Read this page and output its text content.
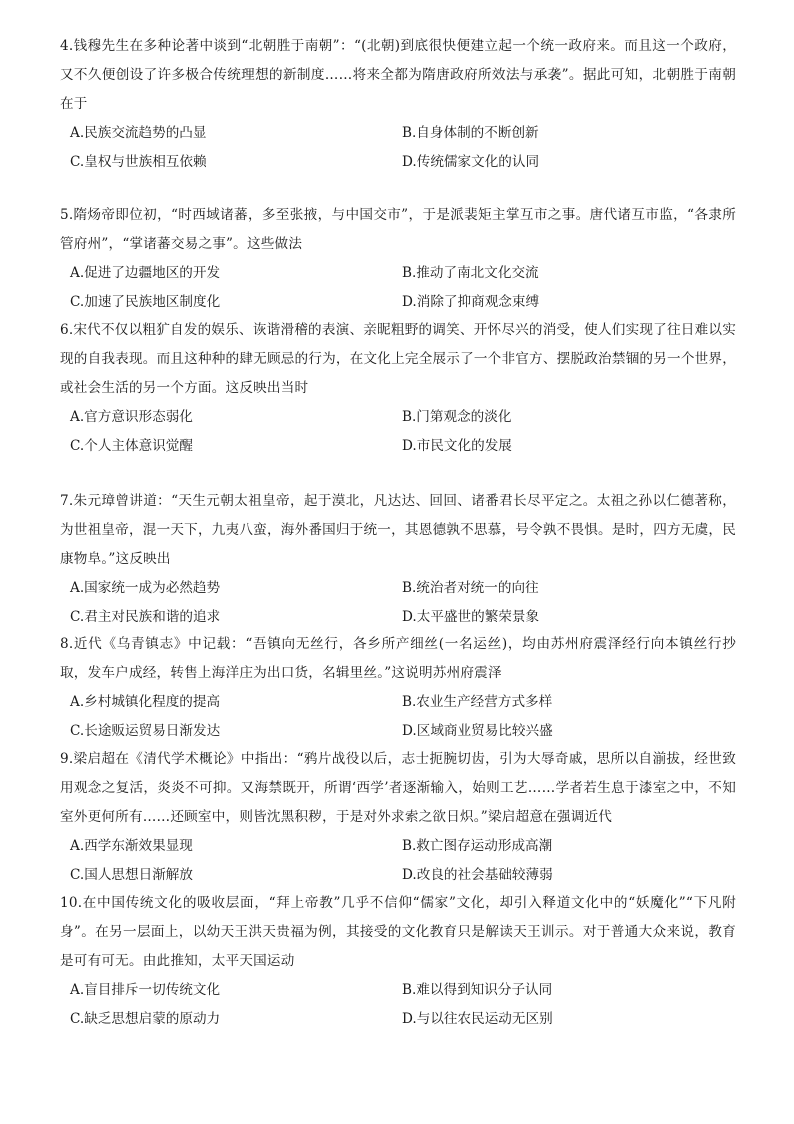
4.钱穆先生在多种论著中谈到“北朝胜于南朝”：“(北朝)到底很快便建立起一个统一政府来。而且这一个政府，又不久便创设了许多极合传统理想的新制度……将来全都为隋唐政府所效法与承袭”。据此可知，北朝胜于南朝在于

A.民族交流趋势的凸显	B.自身体制的不断创新
C.皇权与世族相互依赖	D.传统儒家文化的认同

5.隋炀帝即位初，“时西域诸蕃，多至张掖，与中国交市”，于是派裴矩主掌互市之事。唐代诸互市监，“各隶所管府州”，“掌诸蕃交易之事”。这些做法

A.促进了边疆地区的开发	B.推动了南北文化交流
C.加速了民族地区制度化	D.消除了抑商观念束缚

6.宋代不仅以粗犷自发的娱乐、诙谐滑稽的表演、亲昵粗野的调笑、开怀尽兴的消受，使人们实现了往日难以实现的自我表现。而且这种种的肆无顾忌的行为，在文化上完全展示了一个非官方、摆脱政治禁锢的另一个世界，或社会生活的另一个方面。这反映出当时

A.官方意识形态弱化	B.门第观念的淡化
C.个人主体意识觉醒	D.市民文化的发展

7.朱元璋曾讲道：“天生元朝太祖皇帝，起于漠北，凡达达、回回、诸番君长尽平定之。太祖之孙以仁德著称，为世祖皇帝，混一天下，九夷八蛮，海外番国归于统一，其恩德孰不思慕，号令孰不畏惧。是时，四方无虞，民康物阜。”这反映出

A.国家统一成为必然趋势	B.统治者对统一的向往
C.君主对民族和谐的追求	D.太平盛世的繁荣景象

8.近代《乌青镇志》中记载：“吾镇向无丝行，各乡所产细丝(一名运丝)，均由苏州府震泽经行向本镇丝行抄取，发车户成经，转售上海洋庄为出口货，名辑里丝。”这说明苏州府震泽

A.乡村城镇化程度的提高	B.农业生产经营方式多样
C.长途贩运贸易日渐发达	D.区域商业贸易比较兴盛

9.梁启超在《清代学术概论》中指出：“鸦片战役以后，志士扼腕切齿，引为大辱奇戚，思所以自湔拔，经世致用观念之复活，炎炎不可抑。又海禁既开，所谓‘西学’者逐渐输入，始则工艺……学者若生息于漆室之中，不知室外更何所有……还顾室中，则皆沈黑积秽，于是对外求索之欲日炽。”梁启超意在强调近代

A.西学东渐效果显现	B.救亡图存运动形成高潮
C.国人思想日渐解放	D.改良的社会基础较薄弱

10.在中国传统文化的吸收层面，“拜上帝教”几乎不信仰“儒家”文化，却引入释道文化中的“妖魔化”“下凡附身”。在另一层面上，以幼天王洪天贵福为例，其接受的文化教育只是解读天王训示。对于普通大众来说，教育是可有可无。由此推知，太平天国运动

A.盲目排斥一切传统文化	B.难以得到知识分子认同
C.缺乏思想启蒙的原动力	D.与以往农民运动无区别
